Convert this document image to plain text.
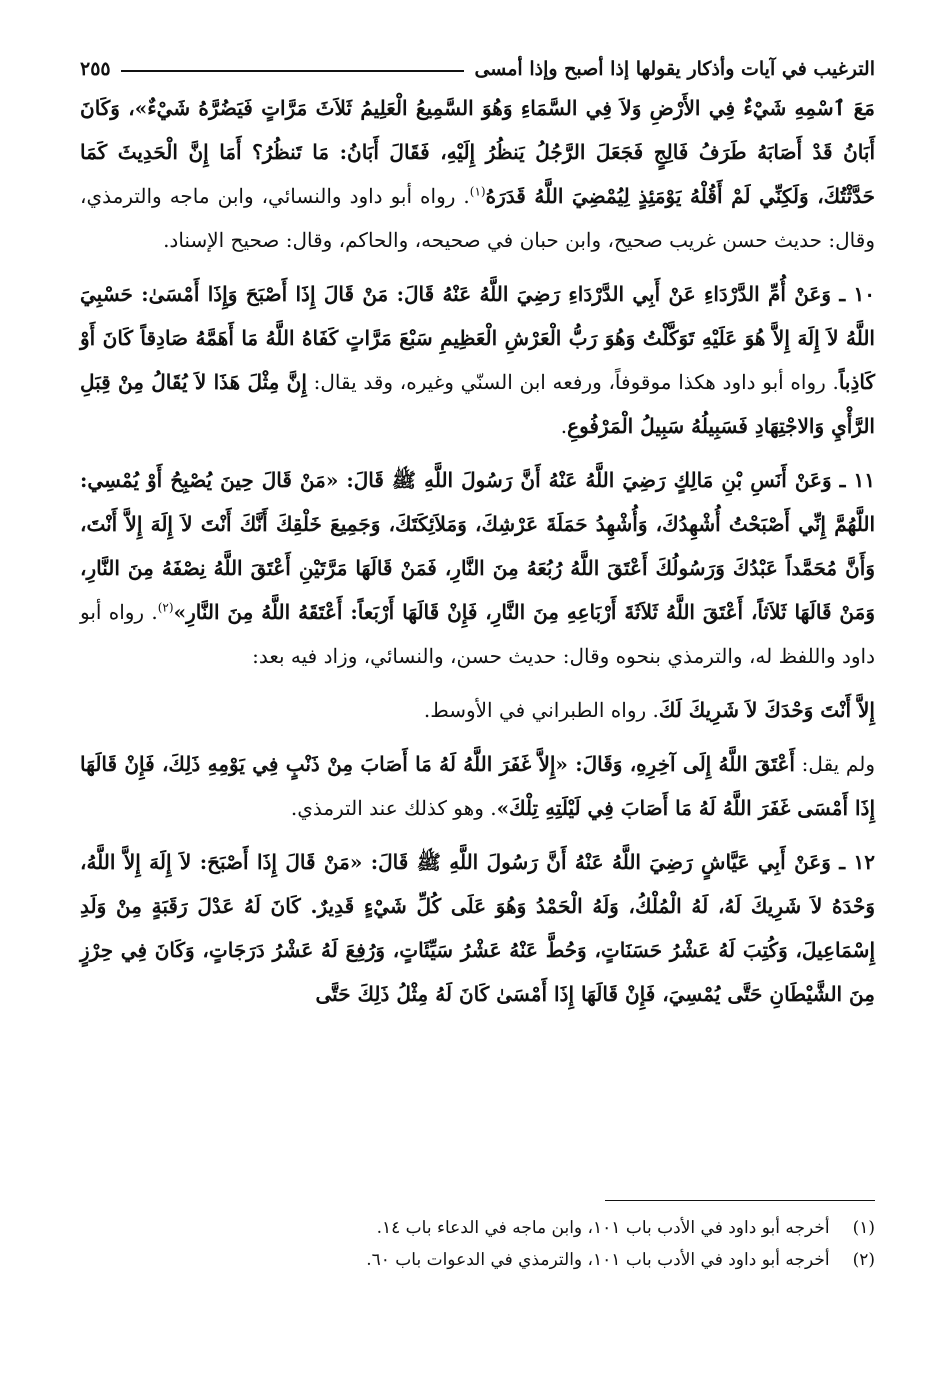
الترغيب في آيات وأذكار يقولها إذا أصبح وإذا أمسى
٢٥٥

مَعَ ٱسْمِهِ شَيْءٌ فِي الأَرْضِ وَلاَ فِي السَّمَاءِ وَهُوَ السَّمِيعُ الْعَلِيمُ ثَلاَثَ مَرَّاتٍ فَيَضُرَّهُ شَيْءٌ»، وَكَانَ أَبَانُ قَدْ أَصَابَهُ طَرَفُ فَالِجٍ فَجَعَلَ الرَّجُلُ يَنظُرُ إِلَيْهِ، فَقَالَ أَبَانُ: مَا تَنظُرُ؟ أَمَا إِنَّ الْحَدِيثَ كَمَا حَدَّثْتُكَ، وَلَكِنِّي لَمْ أَقُلْهُ يَوْمَئِذٍ لِيُمْضِيَ اللَّهُ قَدَرَهُ$^{(١)}$. رواه أبو داود والنسائي، وابن ماجه والترمذي، وقال: حديث حسن غريب صحيح، وابن حبان في صحيحه، والحاكم، وقال: صحيح الإسناد.

١٠ ـ وَعَنْ أُمِّ الدَّرْدَاءِ عَنْ أَبِي الدَّرْدَاءِ رَضِيَ اللَّهُ عَنْهُ قَالَ: مَنْ قَالَ إِذَا أَصْبَحَ وَإِذَا أَمْسَىٰ: حَسْبِيَ اللَّهُ لاَ إِلَهَ إِلاَّ هُوَ عَلَيْهِ تَوَكَّلْتُ وَهُوَ رَبُّ الْعَرْشِ الْعَظِيمِ سَبْعَ مَرَّاتٍ كَفَاهُ اللَّهُ مَا أَهَمَّهُ صَادِقاً كَانَ أَوْ كَاذِباً. رواه أبو داود هكذا موقوفاً، ورفعه ابن السنّي وغيره، وقد يقال: إِنَّ مِثْلَ هَذَا لاَ يُقَالُ مِنْ قِبَلِ الرَّأْيِ وَالاجْتِهَادِ فَسَبِيلُهُ سَبِيلُ الْمَرْفُوعِ.

١١ ـ وَعَنْ أَنَسِ بْنِ مَالِكٍ رَضِيَ اللَّهُ عَنْهُ أَنَّ رَسُولَ اللَّهِ ﷺ قَالَ: «مَنْ قَالَ حِينَ يُصْبِحُ أَوْ يُمْسِي: اللَّهُمَّ إِنِّي أَصْبَحْتُ أُشْهِدُكَ، وَأُشْهِدُ حَمَلَةَ عَرْشِكَ، وَمَلاَئِكَتَكَ، وَجَمِيعَ خَلْقِكَ أَنَّكَ أَنْتَ لاَ إِلَهَ إِلاَّ أَنْتَ، وَأَنَّ مُحَمَّداً عَبْدُكَ وَرَسُولُكَ أَعْتَقَ اللَّهُ رُبُعَهُ مِنَ النَّارِ، فَمَنْ قَالَهَا مَرَّتَيْنِ أَعْتَقَ اللَّهُ نِصْفَهُ مِنَ النَّارِ، وَمَنْ قَالَهَا ثَلاَثاً، أَعْتَقَ اللَّهُ ثَلاَثَةَ أَرْبَاعِهِ مِنَ النَّارِ، فَإِنْ قَالَهَا أَرْبَعاً: أَعْتَقَهُ اللَّهُ مِنَ النَّارِ»$^{(٢)}$. رواه أبو داود واللفظ له، والترمذي بنحوه وقال: حديث حسن، والنسائي، وزاد فيه بعد:

إِلاَّ أَنْتَ وَحْدَكَ لاَ شَرِيكَ لَكَ. رواه الطبراني في الأوسط.

ولم يقل: أَعْتَقَ اللَّهُ إِلَى آخِرِهِ، وَقَالَ: «إِلاَّ غَفَرَ اللَّهُ لَهُ مَا أَصَابَ مِنْ ذَنْبٍ فِي يَوْمِهِ ذَلِكَ، فَإِنْ قَالَهَا إِذَا أَمْسَى غَفَرَ اللَّهُ لَهُ مَا أَصَابَ فِي لَيْلَتِهِ تِلْكَ». وهو كذلك عند الترمذي.

١٢ ـ وَعَنْ أَبِي عَيَّاشٍ رَضِيَ اللَّهُ عَنْهُ أَنَّ رَسُولَ اللَّهِ ﷺ قَالَ: «مَنْ قَالَ إِذَا أَصْبَحَ: لاَ إِلَهَ إِلاَّ اللَّهُ، وَحْدَهُ لاَ شَرِيكَ لَهُ، لَهُ الْمُلْكُ، وَلَهُ الْحَمْدُ وَهُوَ عَلَى كُلِّ شَيْءٍ قَدِيرٌ. كَانَ لَهُ عَدْلَ رَقَبَةٍ مِنْ وَلَدِ إِسْمَاعِيلَ، وَكُتِبَ لَهُ عَشْرُ حَسَنَاتٍ، وَحُطَّ عَنْهُ عَشْرُ سَيِّئَاتٍ، وَرُفِعَ لَهُ عَشْرُ دَرَجَاتٍ، وَكَانَ فِي حِرْزٍ مِنَ الشَّيْطَانِ حَتَّى يُمْسِيَ، فَإِنْ قَالَهَا إِذَا أَمْسَىٰ كَانَ لَهُ مِثْلُ ذَلِكَ حَتَّى

(١) أخرجه أبو داود في الأدب باب ١٠١، وابن ماجه في الدعاء باب ١٤.

(٢) أخرجه أبو داود في الأدب باب ١٠١، والترمذي في الدعوات باب ٦٠.
